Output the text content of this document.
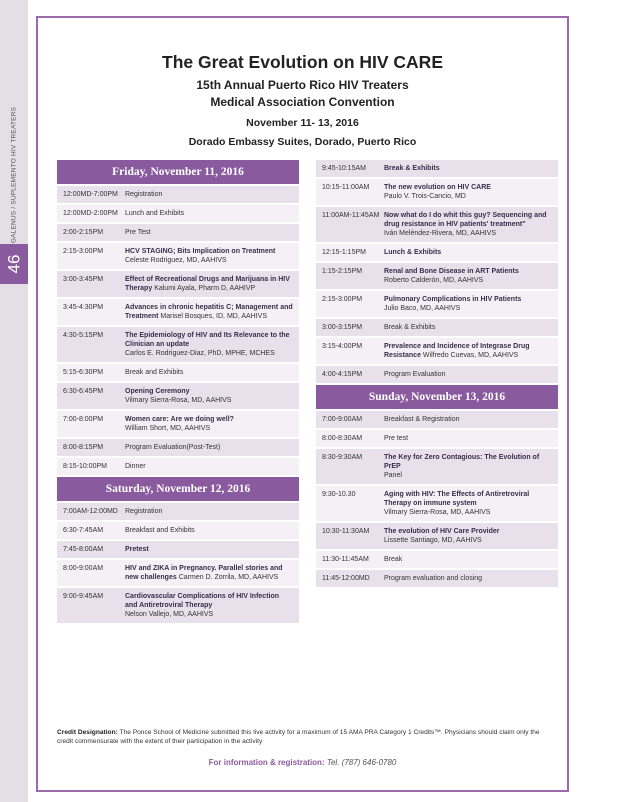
GALENUS / SUPLEMENTO HIV TREATERS
46
The Great Evolution on HIV CARE
15th Annual Puerto Rico HIV Treaters
Medical Association Convention
November 11- 13, 2016
Dorado Embassy Suites, Dorado, Puerto Rico
Friday, November 11, 2016
12:00MD-7:00PM	Registration
12:00MD-2:00PM	Lunch and Exhibits
2:00-2:15PM	Pre Test
2:15-3:00PM	HCV STAGING; Bits Implication on Treatment
Celeste Rodriguez, MD, AAHIVS
3:00-3:45PM	Effect of Recreational Drugs and Marijuana in HIV Therapy Kalumi Ayala, Pharm D, AAHIVP
3:45-4:30PM	Advances in chronic hepatitis C; Management and Treatment Marisel Bosques, ID, MD, AAHIVS
4:30-5:15PM	The Epidemiology of HIV and Its Relevance to the Clinician an update
Carlos E. Rodriguez-Diaz, PhD, MPHE, MCHES
5:15-6:30PM	Break and Exhibits
6:30-6:45PM	Opening Ceremony
Vilmary Sierra-Rosa, MD, AAHIVS
7:00-8:00PM	Women care: Are we doing well?
William Short, MD, AAHIVS
8:00-8:15PM	Program Evaluation(Post-Test)
8:15-10:00PM	Dinner
Saturday, November 12, 2016
7:00AM-12:00MD	Registration
6:30-7:45AM	Breakfast and Exhibits
7:45-8:00AM	Pretest
8:00-9:00AM	HIV and ZIKA in Pregnancy. Parallel stories and new challenges Carmen D. Zorrila, MD, AAHIVS
9:00-9:45AM	Cardiovascular Complications of HIV Infection and Antiretroviral Therapy
Nelson Vallejo, MD, AAHIVS
9:45-10:15AM	Break & Exhibits
10:15-11:00AM	The new evolution on HIV CARE
Paulo V. Trois-Cancio, MD
11:00AM-11:45AM Now what do I do whit this guy? Sequencing and drug resistance in HIV patients' treatment"
Iván Meléndez-Rivera, MD, AAHIVS
12:15-1:15PM	Lunch & Exhibits
1:15-2:15PM	Renal and Bone Disease in ART Patients
Roberto Calderón, MD, AAHIVS
2:15-3:00PM	Pulmonary Complications in HIV Patients
Julio Baco, MD, AAHIVS
3:00-3:15PM	Break & Exhibits
3:15-4:00PM	Prevalence and Incidence of Integrase Drug Resistance Wilfredo Cuevas, MD, AAHIVS
4:00-4:15PM	Program Evaluation
Sunday, November 13, 2016
7:00-9:00AM	Breakfast & Registration
8:00-8:30AM	Pre test
8:30-9:30AM	The Key for Zero Contagious: The Evolution of PrEP
Panel
9:30-10.30	Aging with HIV: The Effects of Antiretroviral Therapy on immune system
Vilmary Sierra-Rosa, MD, AAHIVS
10:30-11:30AM	The evolution of HIV Care Provider
Lissette Santiago, MD, AAHIVS
11:30-11:45AM	Break
11:45-12:00MD	Program evaluation and closing
Credit Designation: The Ponce School of Medicine submitted this live activity for a maximum of 15 AMA PRA Category 1 Credits™. Physicians should claim only the credit commensurate with the extent of their participation in the activity
For information & registration: Tel. (787) 646-0780
